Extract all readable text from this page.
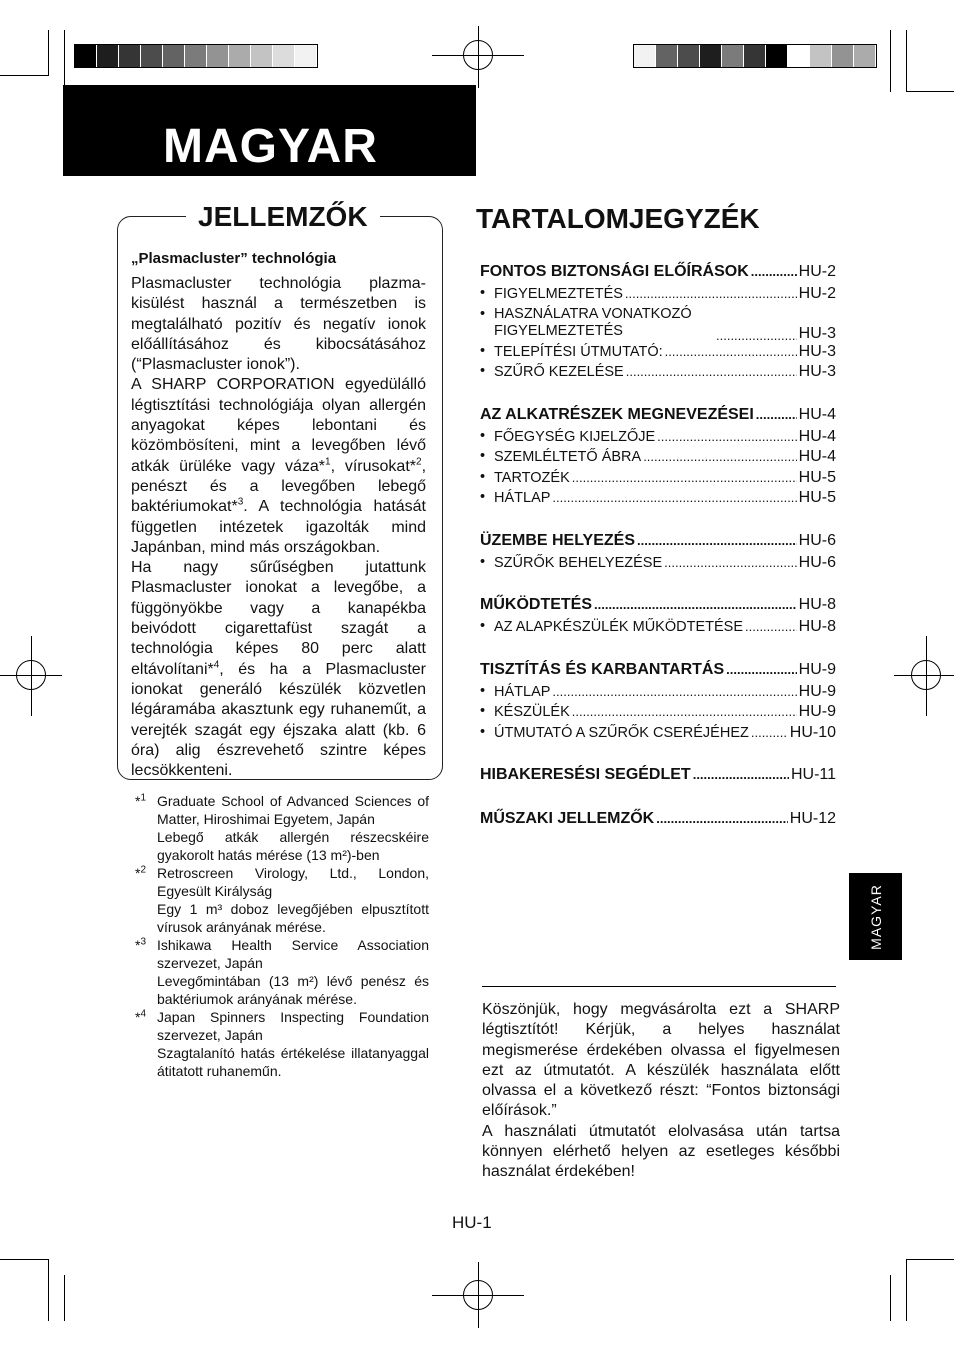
MAGYAR
JELLEMZŐK
„Plasmacluster” technológia
Plasmacluster technológia plazma-kisülést használ a természetben is megtalálható pozitív és negatív ionok előállításához és kibocsátásához (“Plasmacluster ionok”).
A SHARP CORPORATION egyedülálló légtisztítási technológiája olyan allergén anyagokat képes lebontani és közömbösíteni, mint a levegőben lévő atkák ürüléke vagy váza*$^1$, vírusokat*$^2$, penészt és a levegőben lebegő baktériumokat*$^3$. A technológia hatását független intézetek igazolták mind Japánban, mind más országokban.
Ha nagy sűrűségben jutattunk Plasmacluster ionokat a levegőbe, a függönyökbe vagy a kanapékba beivódott cigarettafüst szagát a technológia képes 80 perc alatt eltávolítani*$^4$, és ha a Plasmacluster ionokat generáló készülék közvetlen légáramába akasztunk egy ruhaneműt, a verejték szagát egy éjszaka alatt (kb. 6 óra) alig észrevehető szintre képes lecsökkenteni.
*$^1$ Graduate School of Advanced Sciences of Matter, Hiroshimai Egyetem, Japán
Lebegő atkák allergén részecskéire gyakorolt hatás mérése (13 m²)-ben
*$^2$ Retroscreen Virology, Ltd., London, Egyesült Királyság
Egy 1 m³ doboz levegőjében elpusztított vírusok arányának mérése.
*$^3$ Ishikawa Health Service Association szervezet, Japán
Levegőmintában (13 m²) lévő penész és baktériumok arányának mérése.
*$^4$ Japan Spinners Inspecting Foundation szervezet, Japán
Szagtalanító hatás értékelése illatanyaggal átitatott ruhaneműn.
TARTALOMJEGYZÉK
FONTOS BIZTONSÁGI ELŐÍRÁSOK .....	HU-2
• FIGYELMEZTETÉS .....	HU-2
• HASZNÁLATRA VONATKOZÓ FIGYELMEZTETÉS .....	HU-3
• TELEPÍTÉSI ÚTMUTATÓ: .....	HU-3
• SZŰRŐ KEZELÉSE .....	HU-3
AZ ALKATRÉSZEK MEGNEVEZÉSEI .....	HU-4
• FŐEGYSÉG KIJELZŐJE .....	HU-4
• SZEMLÉLTETŐ ÁBRA .....	HU-4
• TARTOZÉK .....	HU-5
• HÁTLAP .....	HU-5
ÜZEMBE HELYEZÉS .....	HU-6
• SZŰRŐK BEHELYEZÉSE .....	HU-6
MŰKÖDTETÉS .....	HU-8
• AZ ALAPKÉSZÜLÉK MŰKÖDTETÉSE .....	HU-8
TISZTÍTÁS ÉS KARBANTARTÁS .....	HU-9
• HÁTLAP .....	HU-9
• KÉSZÜLÉK .....	HU-9
• ÚTMUTATÓ A SZŰRŐK CSERÉJÉHEZ .....	HU-10
HIBAKERESÉSI SEGÉDLET .....	HU-11
MŰSZAKI JELLEMZŐK .....	HU-12
MAGYAR
Köszönjük, hogy megvásárolta ezt a SHARP légtisztítót! Kérjük, a helyes használat megismerése érdekében olvassa el figyelmesen ezt az útmutatót. A készülék használata előtt olvassa el a következő részt: “Fontos biztonsági előírások.”
A használati útmutatót elolvasása után tartsa könnyen elérhető helyen az esetleges későbbi használat érdekében!
HU-1
